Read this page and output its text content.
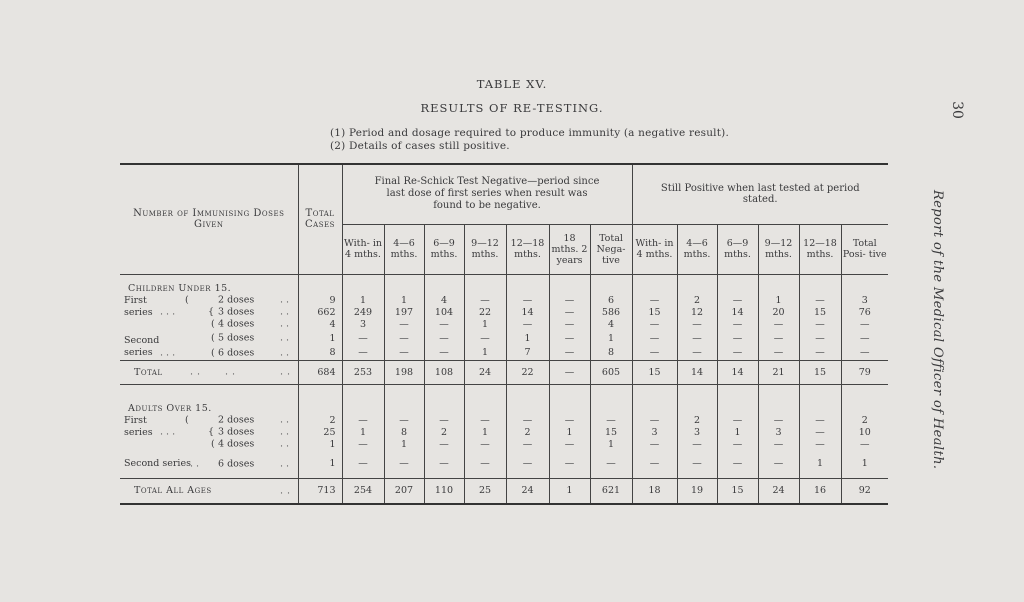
TABLE XV.
RESULTS OF RE-TESTING.
(1) Period and dosage required to produce immunity (a negative result).
(2) Details of cases still positive.
30
Report of the Medical Officer of Health.
Number of Immunising Doses Given	Total Cases	Final Re-Schick Test Negative—period since last dose of first series when result was found to be negative.							Still Positive when last tested at period stated.					
		With- in 4 mths.	4—6 mths.	6—9 mths.	9—12 mths.	12—18 mths.	18 mths. 2 years	Total Nega- tive	With- in 4 mths.	4—6 mths.	6—9 mths.	9—12 mths.	12—18 mths.	Total Posi- tive
Children Under 15.														
First ( 2 doses . .	9	1	1	4	—	—	—	6	—	2	—	1	—	3
series . . . { 3 doses . .	662	249	197	104	22	14	—	586	15	12	14	20	15	76

( 4 doses . .	4	3	—	—	1	—	—	4	—	—	—	—	—	—
Second ( 5 doses . .	1	—	—	—	—	1	—	1	—	—	—	—	—	—
series . . . ( 6 doses . .	8	—	—	—	1	7	—	8	—	—	—	—	—	—
Total . . . . . .	684	253	198	108	24	22	—	605	15	14	14	21	15	79
Adults Over 15.														
First ( 2 doses . .	2	—	—	—	—	—	—	—	—	2	—	—	—	2
series . . . { 3 doses . .	25	1	8	2	1	2	1	15	3	3	1	3	—	10

( 4 doses . .	1	—	1	—	—	—	—	1	—	—	—	—	—	—
Second series . . 6 doses . .	1	—	—	—	—	—	—	—	—	—	—	—	1	1
Total All Ages . .	713	254	207	110	25	24	1	621	18	19	15	24	16	92
